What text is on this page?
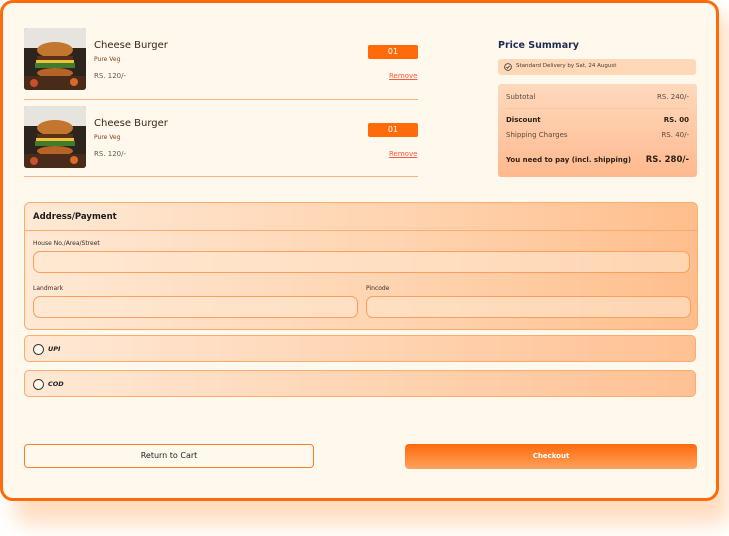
Cheese Burger
Pure Veg
RS. 120/-
01
Remove
Cheese Burger
Pure Veg
RS. 120/-
01
Remove
Price Summary
Standard Delivery by Sat, 24 August
Subtotal	RS. 240/-
Discount	RS. 00
Shipping Charges	RS. 40/-
You need to pay (incl. shipping) RS. 280/-
Address/Payment
House No./Area/Street
Landmark	Pincode
UPI
COD
Return to Cart	Checkout
